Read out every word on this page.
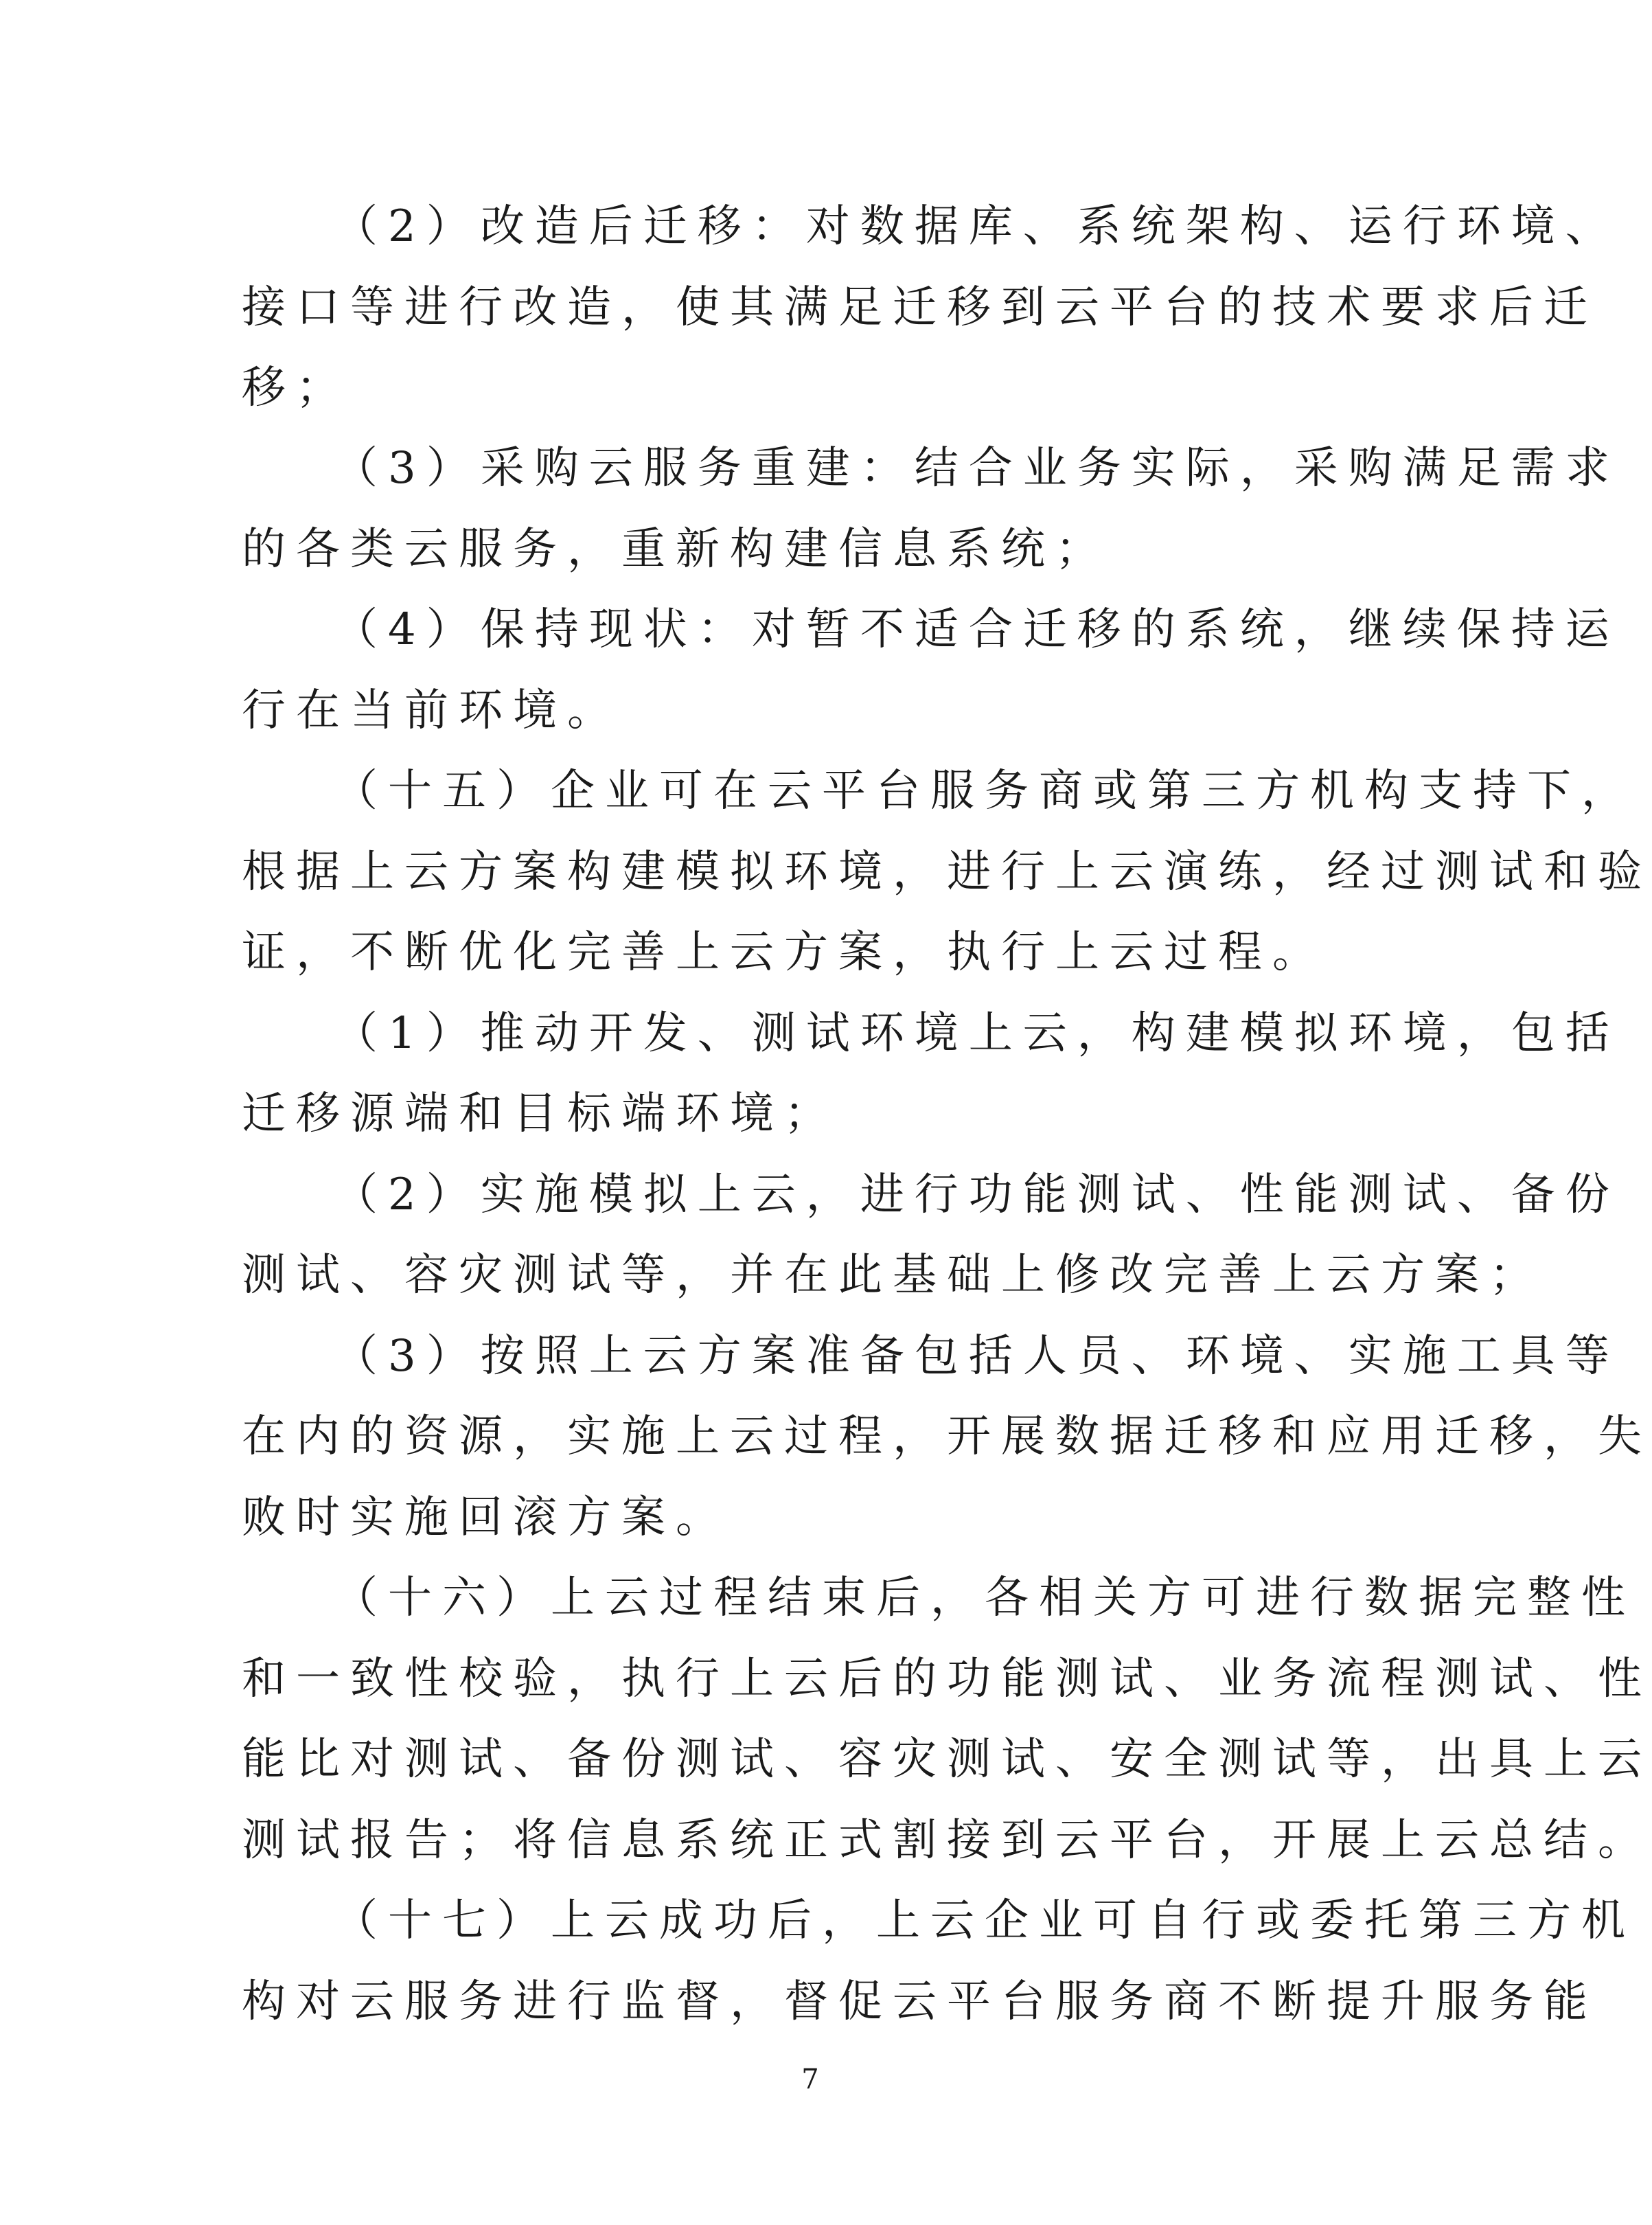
（2）改造后迁移：对数据库、系统架构、运行环境、
接口等进行改造，使其满足迁移到云平台的技术要求后迁
移；
（3）采购云服务重建：结合业务实际，采购满足需求
的各类云服务，重新构建信息系统；
（4）保持现状：对暂不适合迁移的系统，继续保持运
行在当前环境。
（十五）企业可在云平台服务商或第三方机构支持下，
根据上云方案构建模拟环境，进行上云演练，经过测试和验
证，不断优化完善上云方案，执行上云过程。
（1）推动开发、测试环境上云，构建模拟环境，包括
迁移源端和目标端环境；
（2）实施模拟上云，进行功能测试、性能测试、备份
测试、容灾测试等，并在此基础上修改完善上云方案；
（3）按照上云方案准备包括人员、环境、实施工具等
在内的资源，实施上云过程，开展数据迁移和应用迁移，失
败时实施回滚方案。
（十六）上云过程结束后，各相关方可进行数据完整性
和一致性校验，执行上云后的功能测试、业务流程测试、性
能比对测试、备份测试、容灾测试、安全测试等，出具上云
测试报告；将信息系统正式割接到云平台，开展上云总结。
（十七）上云成功后，上云企业可自行或委托第三方机
构对云服务进行监督，督促云平台服务商不断提升服务能
7
